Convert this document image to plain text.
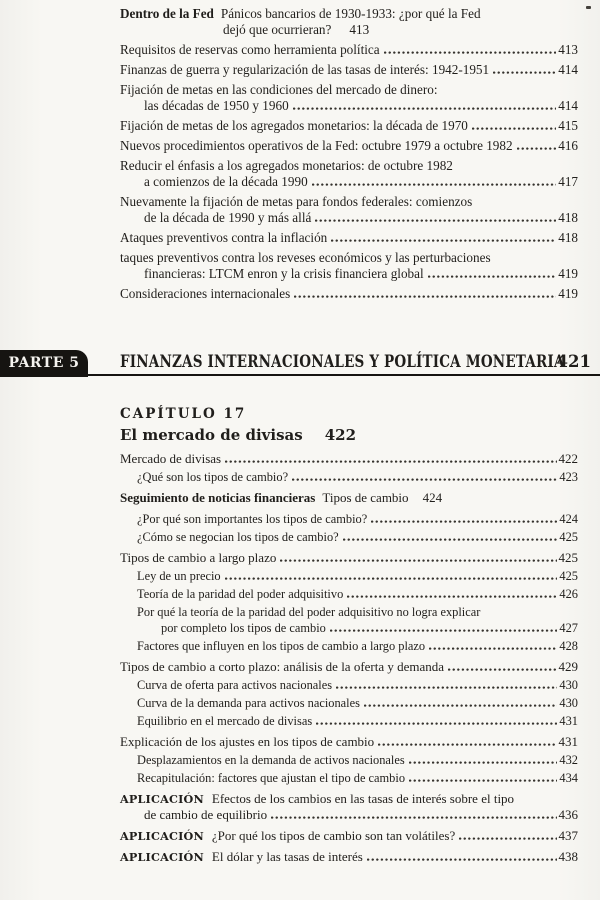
Dentro de la Fed Pánicos bancarios de 1930-1933: ¿por qué la Fed
dejó que ocurrieran? 413
Requisitos de reservas como herramienta política	413
Finanzas de guerra y regularización de las tasas de interés: 1942-1951	414
Fijación de metas en las condiciones del mercado de dinero:
las décadas de 1950 y 1960	414
Fijación de metas de los agregados monetarios: la década de 1970	415
Nuevos procedimientos operativos de la Fed: octubre 1979 a octubre 1982	416
Reducir el énfasis a los agregados monetarios: de octubre 1982
a comienzos de la década 1990	417
Nuevamente la fijación de metas para fondos federales: comienzos
de la década de 1990 y más allá	418
Ataques preventivos contra la inflación	418
taques preventivos contra los reveses económicos y las perturbaciones
financieras: LTCM enron y la crisis financiera global	419
Consideraciones internacionales	419
PARTE 5	FINANZAS INTERNACIONALES Y POLÍTICA MONETARIA
421
CAPÍTULO 17
El mercado de divisas 422
Mercado de divisas	422
¿Qué son los tipos de cambio?	423
Seguimiento de noticias financieras Tipos de cambio 424
¿Por qué son importantes los tipos de cambio?	424
¿Cómo se negocian los tipos de cambio?	425
Tipos de cambio a largo plazo	425
Ley de un precio	425
Teoría de la paridad del poder adquisitivo	426
Por qué la teoría de la paridad del poder adquisitivo no logra explicar
por completo los tipos de cambio	427
Factores que influyen en los tipos de cambio a largo plazo	428
Tipos de cambio a corto plazo: análisis de la oferta y demanda	429
Curva de oferta para activos nacionales	430
Curva de la demanda para activos nacionales	430
Equilibrio en el mercado de divisas	431
Explicación de los ajustes en los tipos de cambio	431
Desplazamientos en la demanda de activos nacionales	432
Recapitulación: factores que ajustan el tipo de cambio	434
APLICACIÓN Efectos de los cambios en las tasas de interés sobre el tipo
de cambio de equilibrio	436
APLICACIÓN ¿Por qué los tipos de cambio son tan volátiles?	437
APLICACIÓN El dólar y las tasas de interés	438
